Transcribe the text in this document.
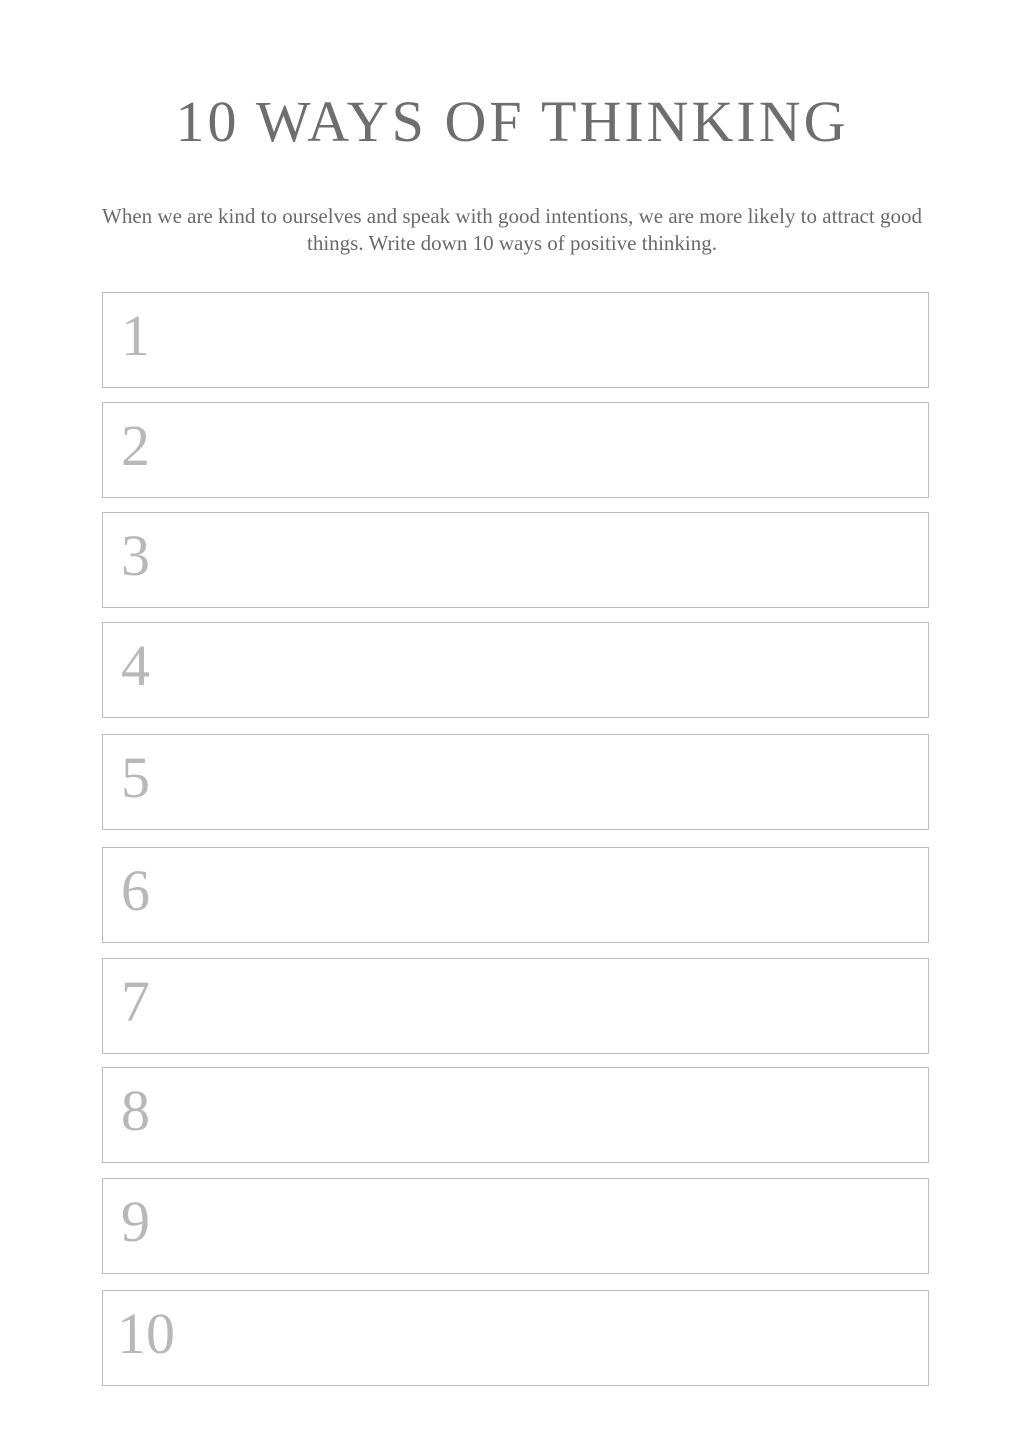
1
2
3
4
5
6
7
8
9
10
10 WAYS OF THINKING

When we are kind to ourselves and speak with good intentions, we are more likely to attract good things. Write down 10 ways of positive thinking.
